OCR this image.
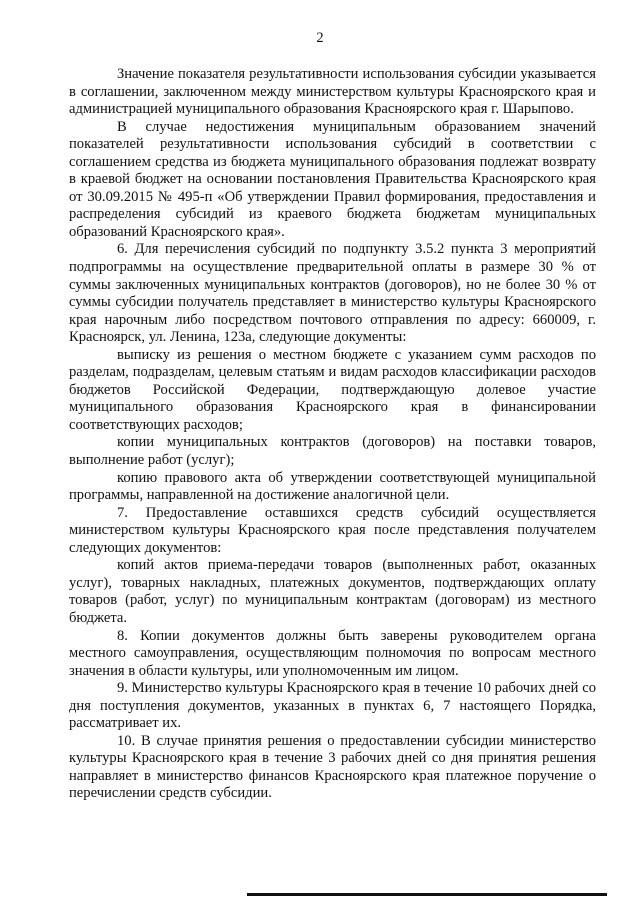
2

Значение показателя результативности использования субсидии указывается в соглашении, заключенном между министерством культуры Красноярского края и администрацией муниципального образования Красноярского края г. Шарыпово.

В случае недостижения муниципальным образованием значений показателей результативности использования субсидий в соответствии с соглашением средства из бюджета муниципального образования подлежат возврату в краевой бюджет на основании постановления Правительства Красноярского края от 30.09.2015 № 495-п «Об утверждении Правил формирования, предоставления и распределения субсидий из краевого бюджета бюджетам муниципальных образований Красноярского края».

6. Для перечисления субсидий по подпункту 3.5.2 пункта 3 мероприятий подпрограммы на осуществление предварительной оплаты в размере 30 % от суммы заключенных муниципальных контрактов (договоров), но не более 30 % от суммы субсидии получатель представляет в министерство культуры Красноярского края нарочным либо посредством почтового отправления по адресу: 660009, г. Красноярск, ул. Ленина, 123а, следующие документы:

выписку из решения о местном бюджете с указанием сумм расходов по разделам, подразделам, целевым статьям и видам расходов классификации расходов бюджетов Российской Федерации, подтверждающую долевое участие муниципального образования Красноярского края в финансировании соответствующих расходов;

копии муниципальных контрактов (договоров) на поставки товаров, выполнение работ (услуг);

копию правового акта об утверждении соответствующей муниципальной программы, направленной на достижение аналогичной цели.

7. Предоставление оставшихся средств субсидий осуществляется министерством культуры Красноярского края после представления получателем следующих документов:

копий актов приема-передачи товаров (выполненных работ, оказанных услуг), товарных накладных, платежных документов, подтверждающих оплату товаров (работ, услуг) по муниципальным контрактам (договорам) из местного бюджета.

8. Копии документов должны быть заверены руководителем органа местного самоуправления, осуществляющим полномочия по вопросам местного значения в области культуры, или уполномоченным им лицом.

9. Министерство культуры Красноярского края в течение 10 рабочих дней со дня поступления документов, указанных в пунктах 6, 7 настоящего Порядка, рассматривает их.

10. В случае принятия решения о предоставлении субсидии министерство культуры Красноярского края в течение 3 рабочих дней со дня принятия решения направляет в министерство финансов Красноярского края платежное поручение о перечислении средств субсидии.
